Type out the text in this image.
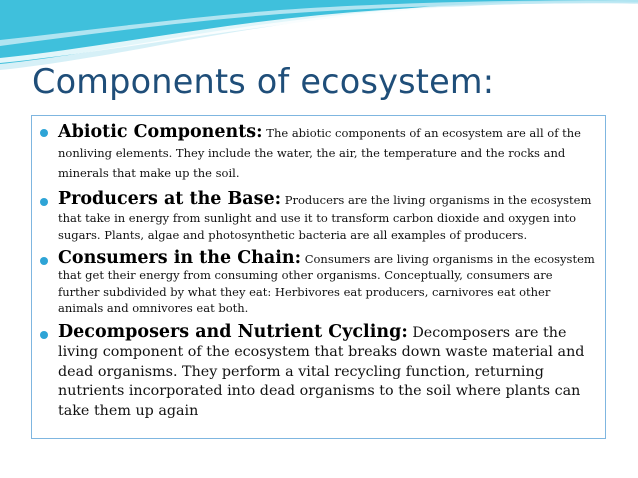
Components of ecosystem:
Abiotic Components: The abiotic components of an ecosystem are all of the nonliving elements. They include the water, the air, the temperature and the rocks and minerals that make up the soil.
Producers at the Base: Producers are the living organisms in the ecosystem that take in energy from sunlight and use it to transform carbon dioxide and oxygen into sugars. Plants, algae and photosynthetic bacteria are all examples of producers.
Consumers in the Chain: Consumers are living organisms in the ecosystem that get their energy from consuming other organisms. Conceptually, consumers are further subdivided by what they eat: Herbivores eat producers, carnivores eat other animals and omnivores eat both.
Decomposers and Nutrient Cycling: Decomposers are the living component of the ecosystem that breaks down waste material and dead organisms. They perform a vital recycling function, returning nutrients incorporated into dead organisms to the soil where plants can take them up again
